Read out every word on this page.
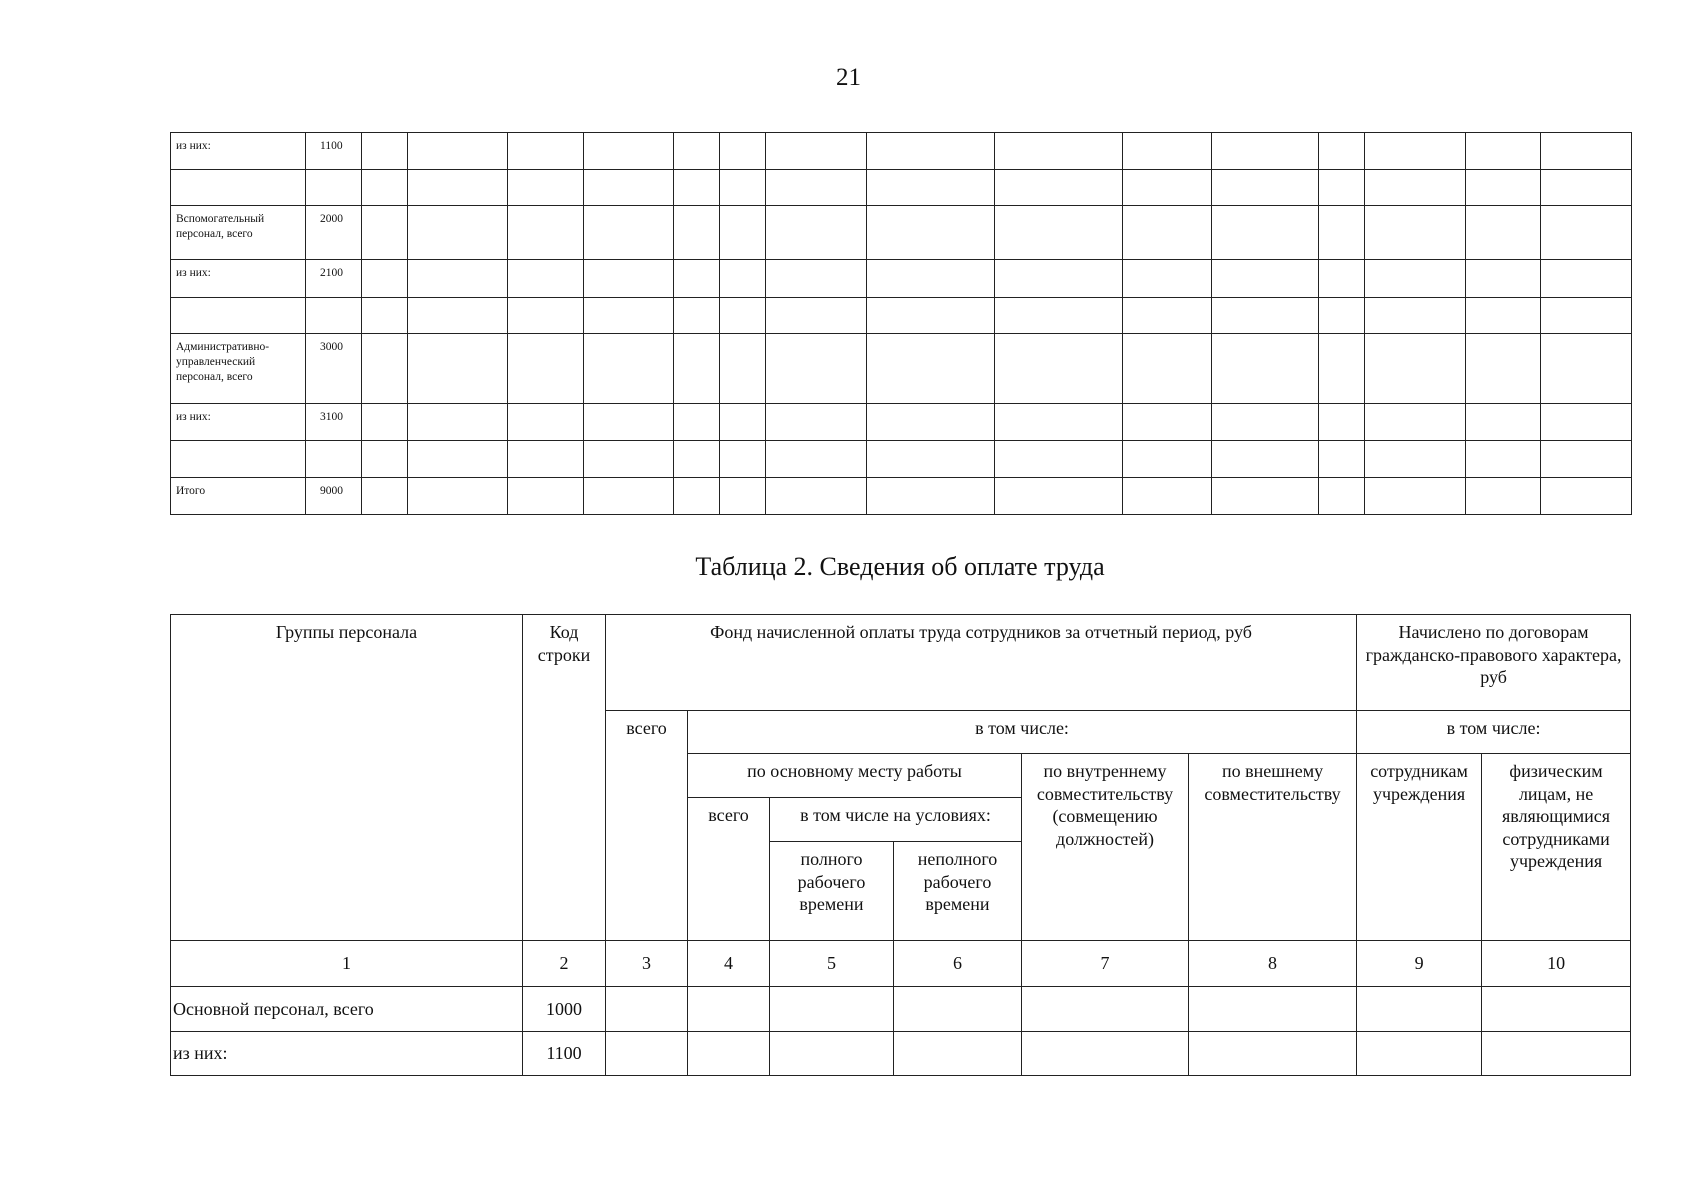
21
из них:	1100															

Вспомогательный персонал, всего	2000															
из них:	2100															

Административно-управленческий персонал, всего	3000															
из них:	3100															

Итого	9000															
Таблица 2. Сведения об оплате труда
Группы персонала	Код строки	Фонд начисленной оплаты труда сотрудников за отчетный период, руб						Начислено по договорам гражданско-правового характера, руб	
		всего	в том числе:					в том числе:	
			по основному месту работы			по внутреннему совместительству (совмещению должностей)	по внешнему совместительству	сотрудникам учреждения	физическим лицам, не являющимися сотрудниками учреждения
			всего	в том числе на условиях:					
				полного рабочего времени	неполного рабочего времени				
1	2	3	4	5	6	7	8	9	10
Основной персонал, всего	1000								
из них:	1100								
